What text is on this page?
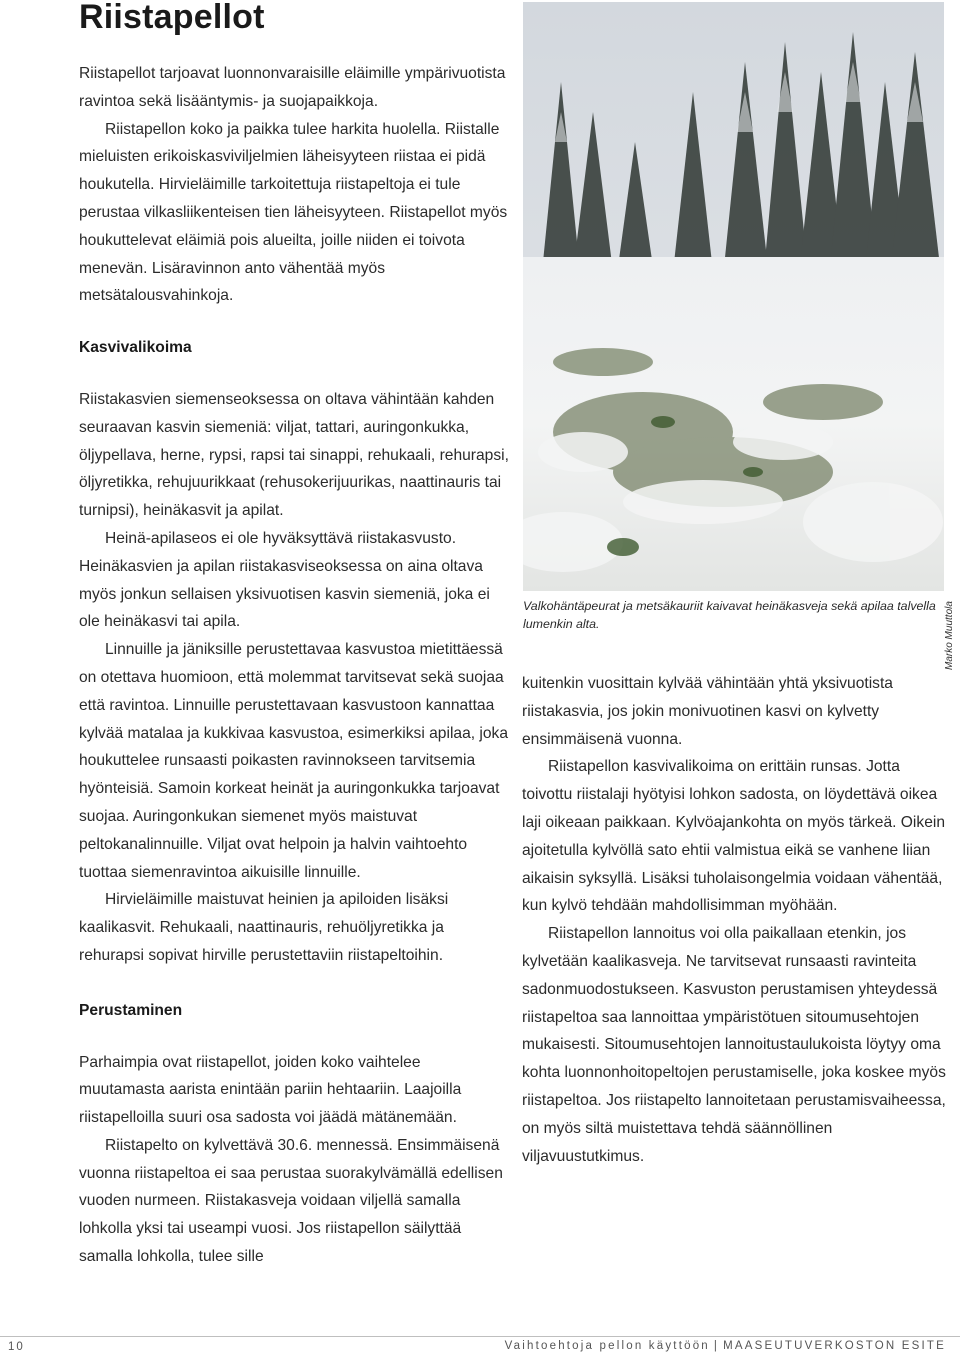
Riistapellot

Riistapellot tarjoavat luonnonvaraisille eläimille ympärivuotista ravintoa sekä lisääntymis- ja suojapaikkoja.

Riistapellon koko ja paikka tulee harkita huolella. Riistalle mieluisten erikoiskasviviljelmien läheisyyteen riistaa ei pidä houkutella. Hirvieläimille tarkoitettuja riistapeltoja ei tule perustaa vilkasliikenteisen tien läheisyyteen. Riistapellot myös houkuttelevat eläimiä pois alueilta, joille niiden ei toivota menevän. Lisäravinnon anto vähentää myös metsätalousvahinkoja.

Kasvivalikoima

Riistakasvien siemenseoksessa on oltava vähintään kahden seuraavan kasvin siemeniä: viljat, tattari, auringonkukka, öljypellava, herne, rypsi, rapsi tai sinappi, rehukaali, rehurapsi, öljyretikka, rehujuurikkaat (rehusokerijuurikas, naattinauris tai turnipsi), heinäkasvit ja apilat.

Heinä-apilaseos ei ole hyväksyttävä riistakasvusto. Heinäkasvien ja apilan riistakasviseoksessa on aina oltava myös jonkun sellaisen yksivuotisen kasvin siemeniä, joka ei ole heinäkasvi tai apila.

Linnuille ja jäniksille perustettavaa kasvustoa mietittäessä on otettava huomioon, että molemmat tarvitsevat sekä suojaa että ravintoa. Linnuille perustettavaan kasvustoon kannattaa kylvää matalaa ja kukkivaa kasvustoa, esimerkiksi apilaa, joka houkuttelee runsaasti poikasten ravinnokseen tarvitsemia hyönteisiä. Samoin korkeat heinät ja auringonkukka tarjoavat suojaa. Auringonkukan siemenet myös maistuvat peltokanalinnuille. Viljat ovat helpoin ja halvin vaihtoehto tuottaa siemenravintoa aikuisille linnuille.

Hirvieläimille maistuvat heinien ja apiloiden lisäksi kaalikasvit. Rehukaali, naattinauris, rehuöljyretikka ja rehurapsi sopivat hirville perustettaviin riistapeltoihin.

Perustaminen

Parhaimpia ovat riistapellot, joiden koko vaihtelee muutamasta aarista enintään pariin hehtaariin. Laajoilla riistapelloilla suuri osa sadosta voi jäädä mätänemään.

Riistapelto on kylvettävä 30.6. mennessä. Ensimmäisenä vuonna riistapeltoa ei saa perustaa suorakylvämällä edellisen vuoden nurmeen. Riistakasveja voidaan viljellä samalla lohkolla yksi tai useampi vuosi. Jos riistapellon säilyttää samalla lohkolla, tulee sille

Valkohäntäpeurat ja metsäkauriit kaivavat heinäkasveja sekä apilaa talvella lumenkin alta.	Marko Muuttola

kuitenkin vuosittain kylvää vähintään yhtä yksivuotista riistakasvia, jos jokin monivuotinen kasvi on kylvetty ensimmäisenä vuonna.

Riistapellon kasvivalikoima on erittäin runsas. Jotta toivottu riistalaji hyötyisi lohkon sadosta, on löydettävä oikea laji oikeaan paikkaan. Kylvöajankohta on myös tärkeä. Oikein ajoitetulla kylvöllä sato ehtii valmistua eikä se vanhene liian aikaisin syksyllä. Lisäksi tuholaisongelmia voidaan vähentää, kun kylvö tehdään mahdollisimman myöhään.

Riistapellon lannoitus voi olla paikallaan etenkin, jos kylvetään kaalikasveja. Ne tarvitsevat runsaasti ravinteita sadonmuodostukseen. Kasvuston perustamisen yhteydessä riistapeltoa saa lannoittaa ympäristötuen sitoumusehtojen mukaisesti. Sitoumusehtojen lannoitustaulukoista löytyy oma kohta luonnonhoitopeltojen perustamiselle, joka koskee myös riistapeltoa. Jos riistapelto lannoitetaan perustamisvaiheessa, on myös siltä muistettava tehdä säännöllinen viljavuustutkimus.

10	Vaihtoehtoja pellon käyttöön | MAASEUTUVERKOSTON ESITE
